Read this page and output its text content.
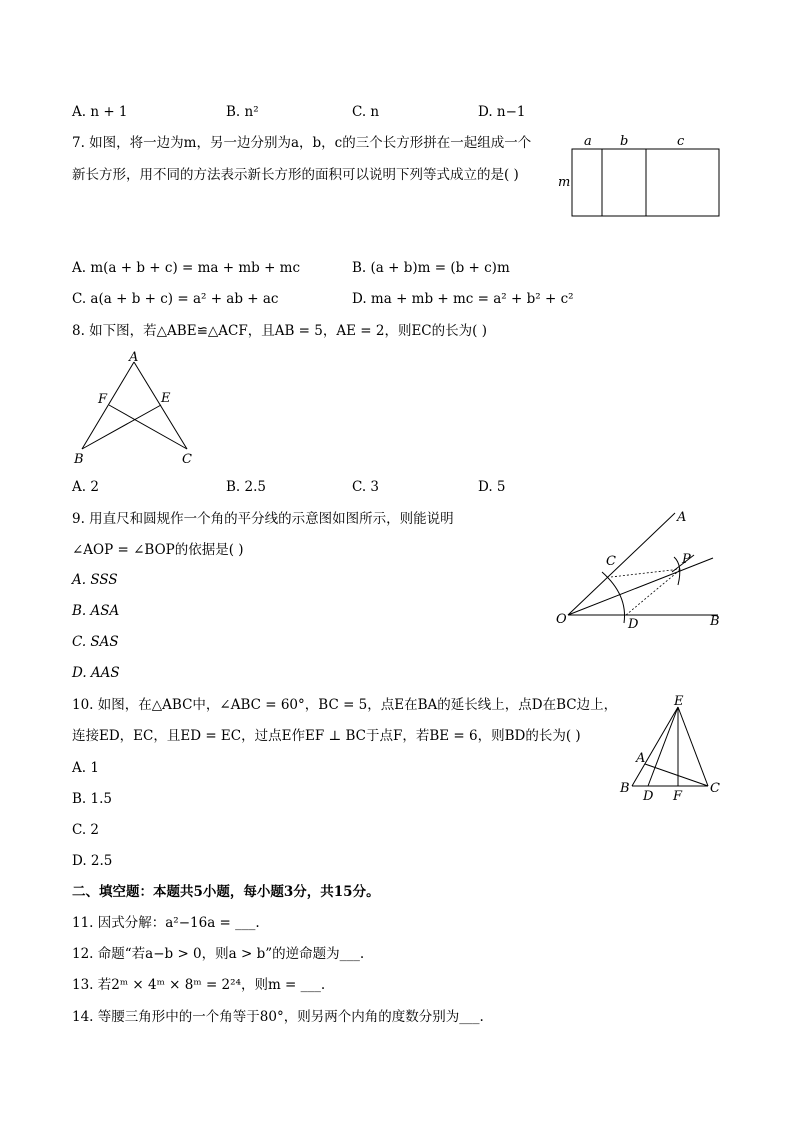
A. n + 1	B. n²	C. n	D. n−1
7. 如图，将一边为m，另一边分别为a，b，c的三个长方形拼在一起组成一个
新长方形，用不同的方法表示新长方形的面积可以说明下列等式成立的是( )
a b	c
m
A. m(a + b + c) = ma + mb + mc	B. (a + b)m = (b + c)m
C. a(a + b + c) = a² + ab + ac	D. ma + mb + mc = a² + b² + c²
8. 如下图，若△ABE≌△ACF，且AB = 5，AE = 2，则EC的长为( )
A
F	E
B	C
A. 2	B. 2.5	C. 3	D. 5
9. 用直尺和圆规作一个角的平分线的示意图如图所示，则能说明
∠AOP = ∠BOP的依据是( )
A. SSS
B. ASA
C. SAS
D. AAS
A
C	P
O	D	B
10. 如图，在△ABC中，∠ABC = 60°，BC = 5，点E在BA的延长线上，点D在BC边上，
连接ED，EC，且ED = EC，过点E作EF ⊥ BC于点F，若BE = 6，则BD的长为( )
A. 1
B. 1.5
C. 2
D. 2.5
E
A
B
D F
C
二、填空题：本题共5小题，每小题3分，共15分。
11. 因式分解：a²−16a = ___.
12. 命题“若a−b > 0，则a > b”的逆命题为___.
13. 若2ᵐ × 4ᵐ × 8ᵐ = 2²⁴，则m = ___.
14. 等腰三角形中的一个角等于80°，则另两个内角的度数分别为___.
